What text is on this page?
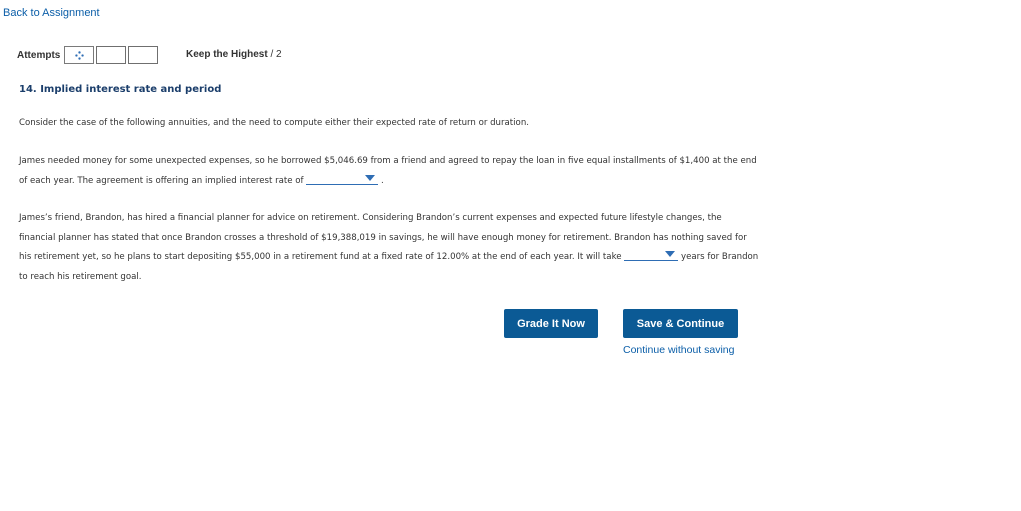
Back to Assignment
Attempts	Keep the Highest / 2
14. Implied interest rate and period

Consider the case of the following annuities, and the need to compute either their expected rate of return or duration.

James needed money for some unexpected expenses, so he borrowed $5,046.69 from a friend and agreed to repay the loan in five equal installments of $1,400 at the end of each year. The agreement is offering an implied interest rate of	.

James’s friend, Brandon, has hired a financial planner for advice on retirement. Considering Brandon’s current expenses and expected future lifestyle changes, the financial planner has stated that once Brandon crosses a threshold of $19,388,019 in savings, he will have enough money for retirement. Brandon has nothing saved for his retirement yet, so he plans to start depositing $55,000 in a retirement fund at a fixed rate of 12.00% at the end of each year. It will take	years for Brandon to reach his retirement goal.

Grade It Now	Save & Continue
Continue without saving
